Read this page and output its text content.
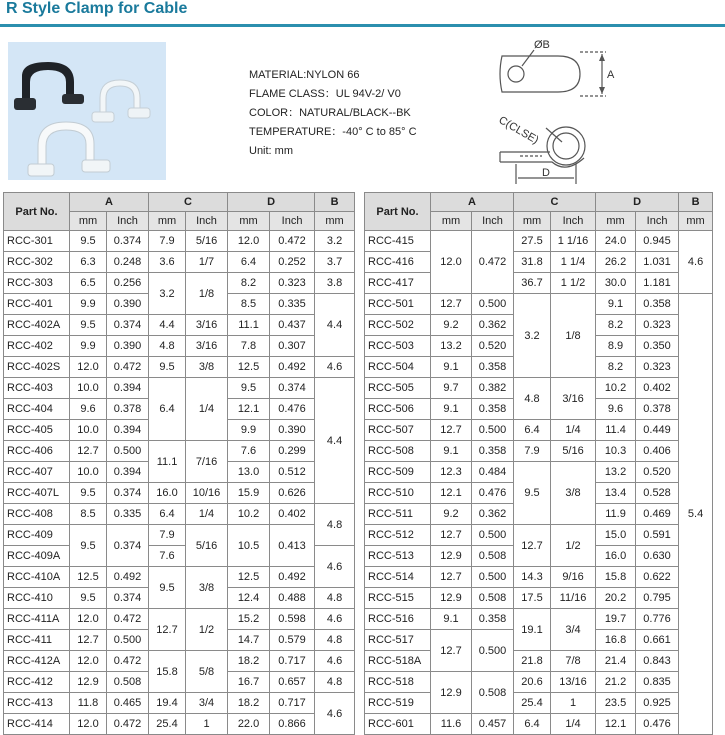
R Style Clamp for Cable
MATERIAL:NYLON 66
FLAME CLASS：UL 94V-2/ V0
COLOR：NATURAL/BLACK--BK
TEMPERATURE：-40° C to 85° C
Unit: mm
ØB
A
C(CLSE)
D
Part No.	A		C		D		B
	mm	Inch	mm	Inch	mm	Inch	mm
RCC-301	9.5	0.374	7.9	5/16	12.0	0.472	3.2
RCC-302	6.3	0.248	3.6	1/7	6.4	0.252	3.7
RCC-303	6.5	0.256	3.2	1/8	8.2	0.323	3.8
RCC-401	9.9	0.390			8.5	0.335	4.4
RCC-402A	9.5	0.374	4.4	3/16	11.1	0.437	
RCC-402	9.9	0.390	4.8	3/16	7.8	0.307	
RCC-402S	12.0	0.472	9.5	3/8	12.5	0.492	4.6
RCC-403	10.0	0.394	6.4	1/4	9.5	0.374	4.4
RCC-404	9.6	0.378			12.1	0.476	
RCC-405	10.0	0.394			9.9	0.390	
RCC-406	12.7	0.500	11.1	7/16	7.6	0.299	
RCC-407	10.0	0.394			13.0	0.512	
RCC-407L	9.5	0.374	16.0	10/16	15.9	0.626	
RCC-408	8.5	0.335	6.4	1/4	10.2	0.402	4.8
RCC-409	9.5	0.374	7.9	5/16	10.5	0.413	
RCC-409A			7.6				4.6
RCC-410A	12.5	0.492	9.5	3/8	12.5	0.492	
RCC-410	9.5	0.374			12.4	0.488	4.8
RCC-411A	12.0	0.472	12.7	1/2	15.2	0.598	4.6
RCC-411	12.7	0.500			14.7	0.579	4.8
RCC-412A	12.0	0.472	15.8	5/8	18.2	0.717	4.6
RCC-412	12.9	0.508			16.7	0.657	4.8
RCC-413	11.8	0.465	19.4	3/4	18.2	0.717	4.6
RCC-414	12.0	0.472	25.4	1	22.0	0.866	
Part No.	A		C		D		B
	mm	Inch	mm	Inch	mm	Inch	mm
RCC-415	12.0	0.472	27.5	1 1/16	24.0	0.945	4.6
RCC-416			31.8	1 1/4	26.2	1.031	
RCC-417			36.7	1 1/2	30.0	1.181	
RCC-501	12.7	0.500	3.2	1/8	9.1	0.358	5.4
RCC-502	9.2	0.362			8.2	0.323	
RCC-503	13.2	0.520			8.9	0.350	
RCC-504	9.1	0.358			8.2	0.323	
RCC-505	9.7	0.382	4.8	3/16	10.2	0.402	
RCC-506	9.1	0.358			9.6	0.378	
RCC-507	12.7	0.500	6.4	1/4	11.4	0.449	
RCC-508	9.1	0.358	7.9	5/16	10.3	0.406	
RCC-509	12.3	0.484	9.5	3/8	13.2	0.520	
RCC-510	12.1	0.476			13.4	0.528	
RCC-511	9.2	0.362			11.9	0.469	
RCC-512	12.7	0.500	12.7	1/2	15.0	0.591	
RCC-513	12.9	0.508			16.0	0.630	
RCC-514	12.7	0.500	14.3	9/16	15.8	0.622	
RCC-515	12.9	0.508	17.5	11/16	20.2	0.795	
RCC-516	9.1	0.358	19.1	3/4	19.7	0.776	
RCC-517	12.7	0.500			16.8	0.661	
RCC-518A			21.8	7/8	21.4	0.843	
RCC-518	12.9	0.508	20.6	13/16	21.2	0.835	
RCC-519			25.4	1	23.5	0.925	
RCC-601	11.6	0.457	6.4	1/4	12.1	0.476	
